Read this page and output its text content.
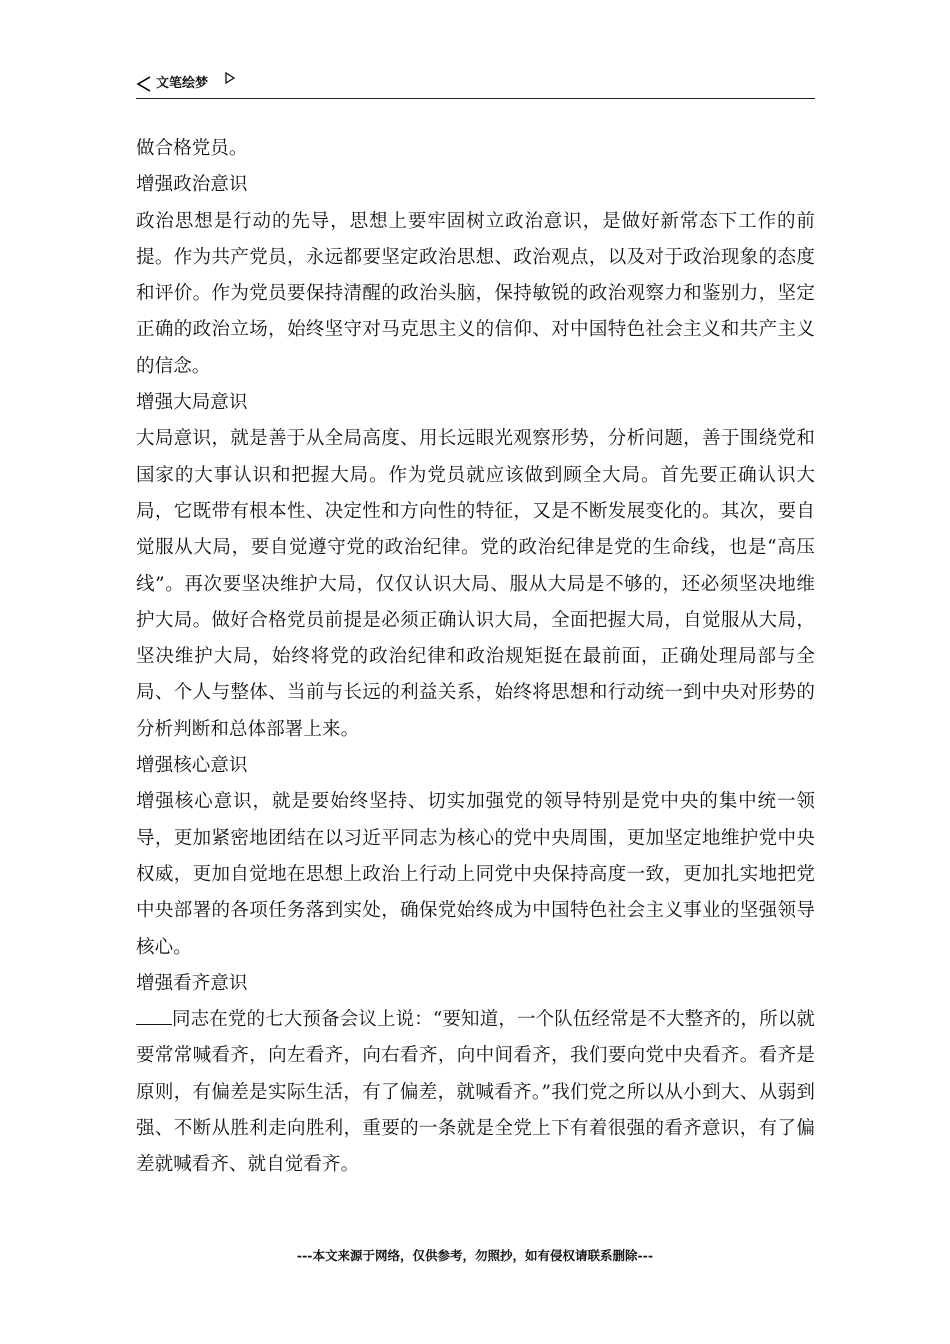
文笔绘梦

做合格党员。

增强政治意识

政治思想是行动的先导，思想上要牢固树立政治意识，是做好新常态下工作的前提。作为共产党员，永远都要坚定政治思想、政治观点，以及对于政治现象的态度和评价。作为党员要保持清醒的政治头脑，保持敏锐的政治观察力和鉴别力，坚定正确的政治立场，始终坚守对马克思主义的信仰、对中国特色社会主义和共产主义的信念。

增强大局意识

大局意识，就是善于从全局高度、用长远眼光观察形势，分析问题，善于围绕党和国家的大事认识和把握大局。作为党员就应该做到顾全大局。首先要正确认识大局，它既带有根本性、决定性和方向性的特征，又是不断发展变化的。其次，要自觉服从大局，要自觉遵守党的政治纪律。党的政治纪律是党的生命线，也是“高压线”。再次要坚决维护大局，仅仅认识大局、服从大局是不够的，还必须坚决地维护大局。做好合格党员前提是必须正确认识大局，全面把握大局，自觉服从大局，坚决维护大局，始终将党的政治纪律和政治规矩挺在最前面，正确处理局部与全局、个人与整体、当前与长远的利益关系，始终将思想和行动统一到中央对形势的分析判断和总体部署上来。

增强核心意识

增强核心意识，就是要始终坚持、切实加强党的领导特别是党中央的集中统一领导，更加紧密地团结在以习近平同志为核心的党中央周围，更加坚定地维护党中央权威，更加自觉地在思想上政治上行动上同党中央保持高度一致，更加扎实地把党中央部署的各项任务落到实处，确保党始终成为中国特色社会主义事业的坚强领导核心。

增强看齐意识

同志在党的七大预备会议上说：“要知道，一个队伍经常是不大整齐的，所以就要常常喊看齐，向左看齐，向右看齐，向中间看齐，我们要向党中央看齐。看齐是原则，有偏差是实际生活，有了偏差，就喊看齐。”我们党之所以从小到大、从弱到强、不断从胜利走向胜利，重要的一条就是全党上下有着很强的看齐意识，有了偏差就喊看齐、就自觉看齐。

---本文来源于网络，仅供参考，勿照抄，如有侵权请联系删除---
